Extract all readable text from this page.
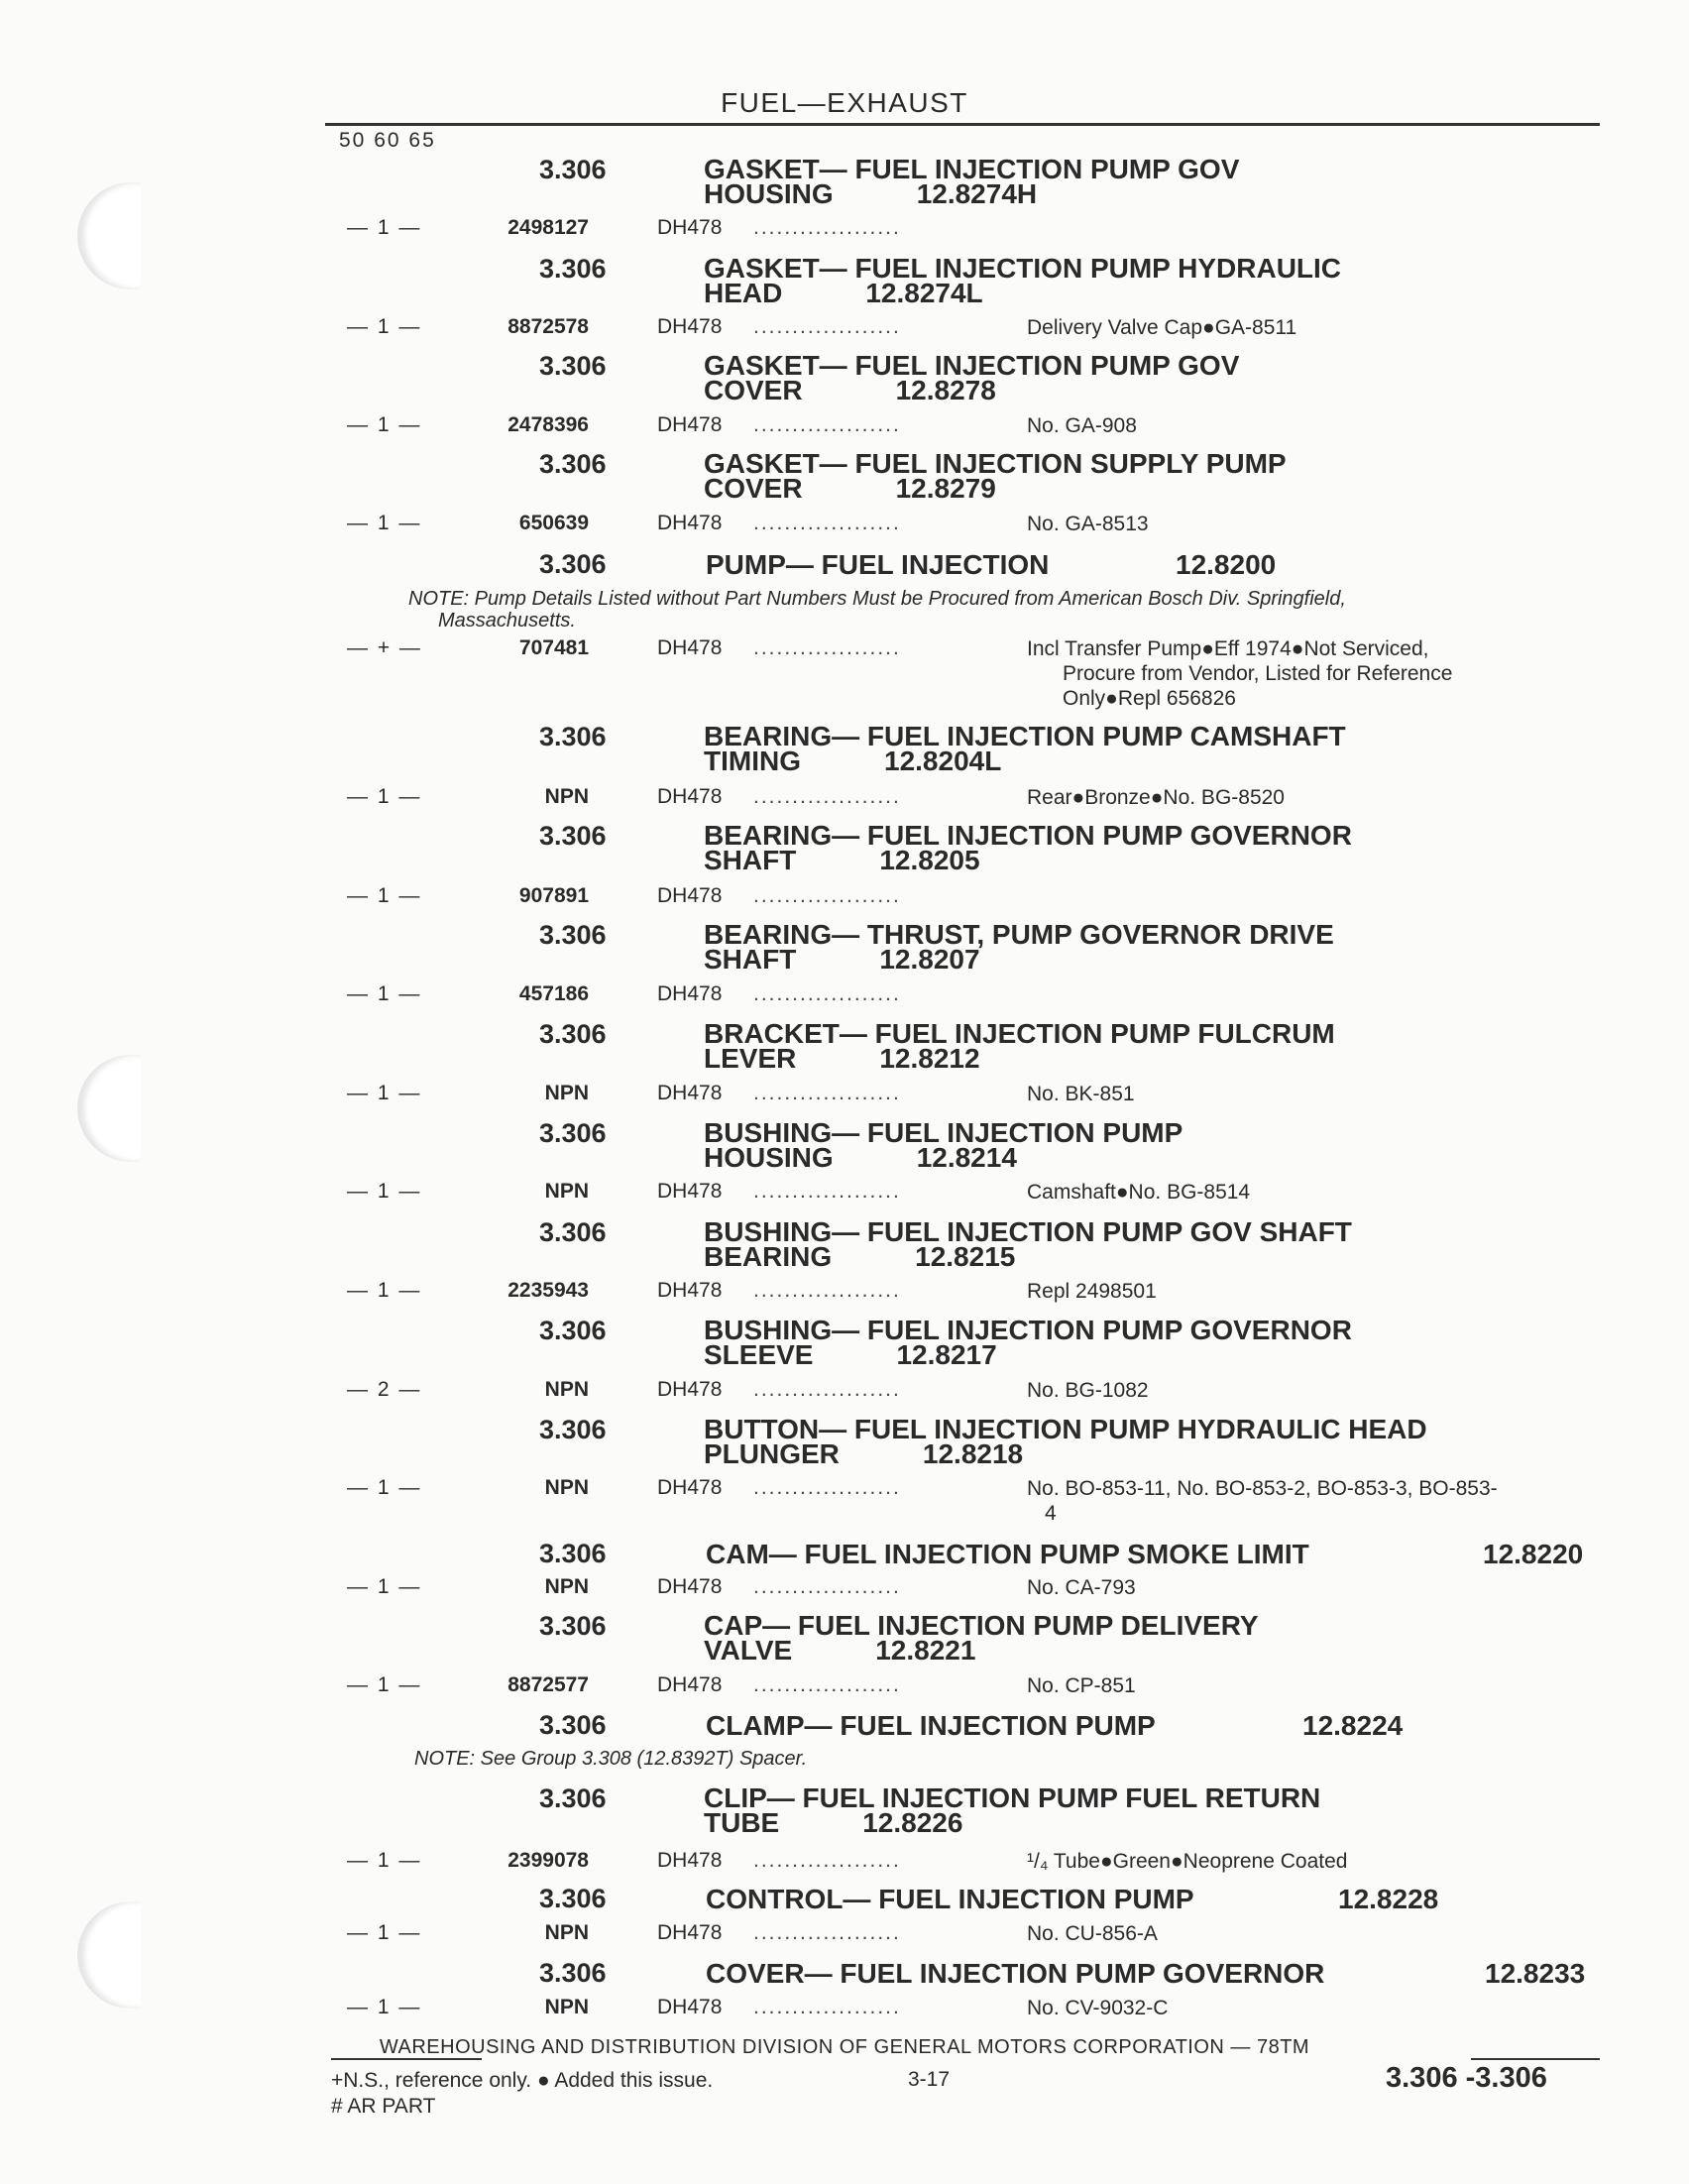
FUEL—EXHAUST
50 60 65
3.306	GASKET— FUEL INJECTION PUMP GOV
HOUSING	12.8274H
— 1 —	2498127	DH478 ...................
3.306	GASKET— FUEL INJECTION PUMP HYDRAULIC
HEAD	12.8274L
— 1 —	8872578	DH478 ...................	Delivery Valve Cap●GA-8511
3.306	GASKET— FUEL INJECTION PUMP GOV
COVER	12.8278
— 1 —	2478396	DH478 ...................	No. GA-908
3.306	GASKET— FUEL INJECTION SUPPLY PUMP
COVER	12.8279
— 1 —	650639	DH478 ...................	No. GA-8513
3.306	PUMP— FUEL INJECTION	12.8200
NOTE: Pump Details Listed without Part Numbers Must be Procured from American Bosch Div. Springfield,
Massachusetts.
— + —	707481	DH478 ...................	Incl Transfer Pump●Eff 1974●Not Serviced,
Procure from Vendor, Listed for Reference
Only●Repl 656826
3.306	BEARING— FUEL INJECTION PUMP CAMSHAFT
TIMING	12.8204L
— 1 —	NPN	DH478 ...................	Rear●Bronze●No. BG-8520
3.306	BEARING— FUEL INJECTION PUMP GOVERNOR
SHAFT	12.8205
— 1 —	907891	DH478 ...................
3.306	BEARING— THRUST, PUMP GOVERNOR DRIVE
SHAFT	12.8207
— 1 —	457186	DH478 ...................
3.306	BRACKET— FUEL INJECTION PUMP FULCRUM
LEVER	12.8212
— 1 —	NPN	DH478 ...................	No. BK-851
3.306	BUSHING— FUEL INJECTION PUMP
HOUSING	12.8214
— 1 —	NPN	DH478 ...................	Camshaft●No. BG-8514
3.306	BUSHING— FUEL INJECTION PUMP GOV SHAFT
BEARING	12.8215
— 1 —	2235943	DH478 ...................	Repl 2498501
3.306	BUSHING— FUEL INJECTION PUMP GOVERNOR
SLEEVE	12.8217
— 2 —	NPN	DH478 ...................	No. BG-1082
3.306	BUTTON— FUEL INJECTION PUMP HYDRAULIC HEAD
PLUNGER	12.8218
— 1 —	NPN	DH478 ...................	No. BO-853-11, No. BO-853-2, BO-853-3, BO-853-
4
3.306	CAM— FUEL INJECTION PUMP SMOKE LIMIT	12.8220
— 1 —	NPN	DH478 ...................	No. CA-793
3.306	CAP— FUEL INJECTION PUMP DELIVERY
VALVE	12.8221
— 1 —	8872577	DH478 ...................	No. CP-851
3.306	CLAMP— FUEL INJECTION PUMP	12.8224
NOTE: See Group 3.308 (12.8392T) Spacer.
3.306	CLIP— FUEL INJECTION PUMP FUEL RETURN
TUBE	12.8226
— 1 —	2399078	DH478 ...................	¹/₄ Tube●Green●Neoprene Coated
3.306	CONTROL— FUEL INJECTION PUMP	12.8228
— 1 —	NPN	DH478 ...................	No. CU-856-A
3.306	COVER— FUEL INJECTION PUMP GOVERNOR	12.8233
— 1 —	NPN	DH478 ...................	No. CV-9032-C
WAREHOUSING AND DISTRIBUTION DIVISION OF GENERAL MOTORS CORPORATION — 78TM
+N.S., reference only. ● Added this issue.
# AR PART
3-17	3.306 -3.306
